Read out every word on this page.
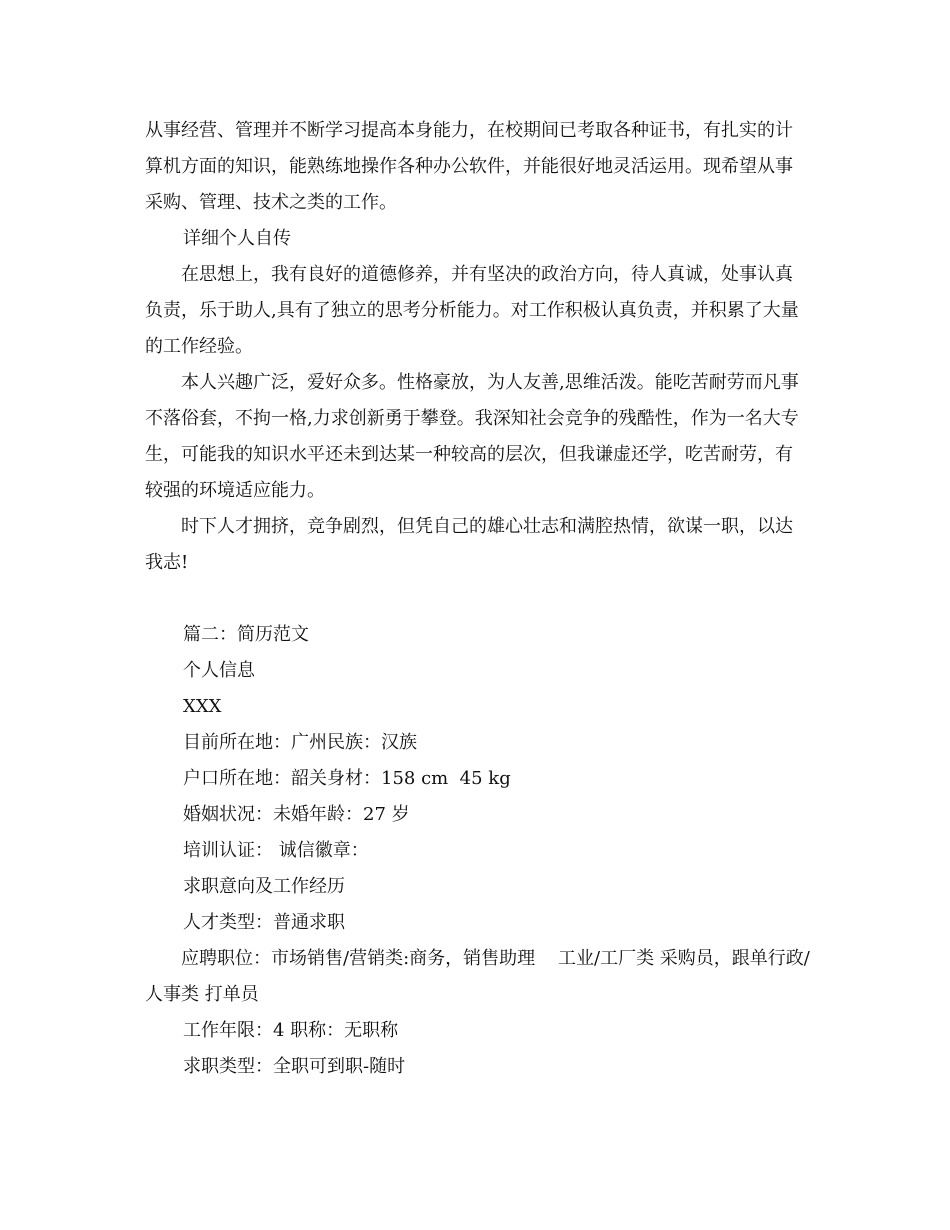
从事经营、管理并不断学习提高本身能力，在校期间已考取各种证书，有扎实的计算机方面的知识，能熟练地操作各种办公软件，并能很好地灵活运用。现希望从事采购、管理、技术之类的工作。

详细个人自传

在思想上，我有良好的道德修养，并有坚决的政治方向，待人真诚，处事认真负责，乐于助人,具有了独立的思考分析能力。对工作积极认真负责，并积累了大量的工作经验。

本人兴趣广泛，爱好众多。性格豪放，为人友善,思维活泼。能吃苦耐劳而凡事不落俗套，不拘一格,力求创新勇于攀登。我深知社会竞争的残酷性，作为一名大专生，可能我的知识水平还未到达某一种较高的层次，但我谦虚还学，吃苦耐劳，有较强的环境适应能力。

时下人才拥挤，竞争剧烈，但凭自己的雄心壮志和满腔热情，欲谋一职，以达我志!

篇二：简历范文

个人信息

XXX

目前所在地：广州民族：汉族

户口所在地：韶关身材：158 cm  45 kg

婚姻状况：未婚年龄：27 岁

培训认证： 诚信徽章：

求职意向及工作经历

人才类型：普通求职

应聘职位：市场销售/营销类:商务，销售助理    工业/工厂类 采购员，跟单行政/人事类 打单员

工作年限：4 职称：无职称

求职类型：全职可到职-随时
